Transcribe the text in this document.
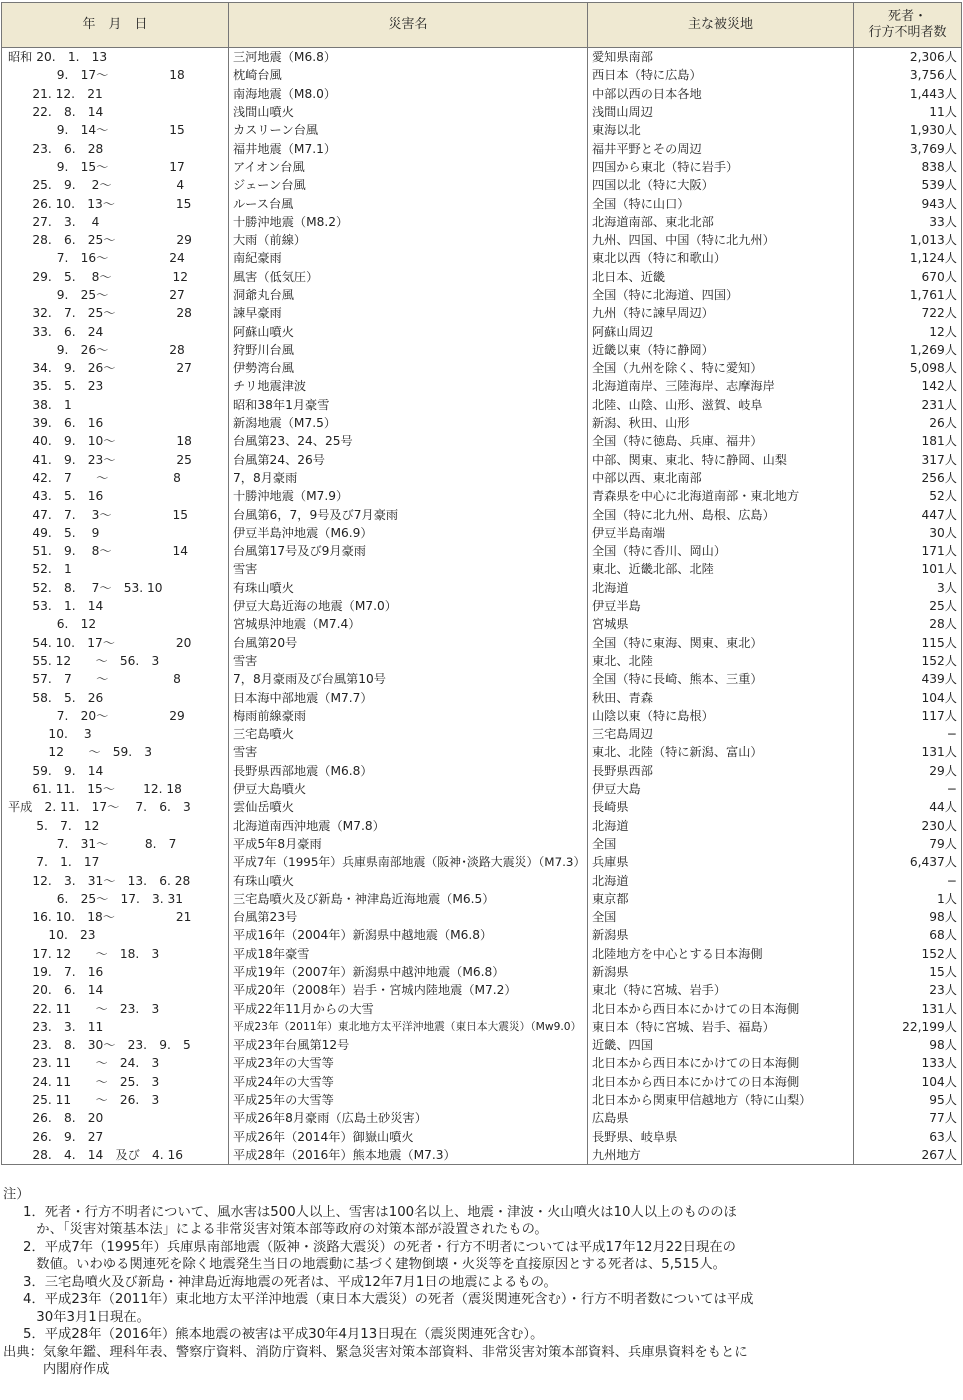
年　月　日	災害名	主な被災地	死者・
行方不明者数

昭和 20.　1.　13	三河地震（M6.8）	愛知県南部	2,306人
　　　　9.　17〜　　　　　18	枕崎台風	西日本（特に広島）	3,756人
　　21. 12.　21	南海地震（M8.0）	中部以西の日本各地	1,443人
　　22.　8.　14	浅間山噴火	浅間山周辺	11人
　　　　9.　14〜　　　　　15	カスリーン台風	東海以北	1,930人
　　23.　6.　28	福井地震（M7.1）	福井平野とその周辺	3,769人
　　　　9.　15〜　　　　　17	アイオン台風	四国から東北（特に岩手）	838人
　　25.　9.　 2〜　　　　　 4	ジェーン台風	四国以北（特に大阪）	539人
　　26. 10.　13〜　　　　　15	ルース台風	全国（特に山口）	943人
　　27.　3.　 4	十勝沖地震（M8.2）	北海道南部、東北北部	33人
　　28.　6.　25〜　　　　　29	大雨（前線）	九州、四国、中国（特に北九州）	1,013人
　　　　7.　16〜　　　　　24	南紀豪雨	東北以西（特に和歌山）	1,124人
　　29.　5.　 8〜　　　　　12	風害（低気圧）	北日本、近畿	670人
　　　　9.　25〜　　　　　27	洞爺丸台風	全国（特に北海道、四国）	1,761人
　　32.　7.　25〜　　　　　28	諫早豪雨	九州（特に諫早周辺）	722人
　　33.　6.　24	阿蘇山噴火	阿蘇山周辺	12人
　　　　9.　26〜　　　　　28	狩野川台風	近畿以東（特に静岡）	1,269人
　　34.　9.　26〜　　　　　27	伊勢湾台風	全国（九州を除く、特に愛知）	5,098人
　　35.　5.　23	チリ地震津波	北海道南岸、三陸海岸、志摩海岸	142人
　　38.　1	昭和38年1月豪雪	北陸、山陰、山形、滋賀、岐阜	231人
　　39.　6.　16	新潟地震（M7.5）	新潟、秋田、山形	26人
　　40.　9.　10〜　　　　　18	台風第23、24、25号	全国（特に徳島、兵庫、福井）	181人
　　41.　9.　23〜　　　　　25	台風第24、26号	中部、関東、東北、特に静岡、山梨	317人
　　42.　7　　〜　　　　　 8	7，8月豪雨	中部以西、東北南部	256人
　　43.　5.　16	十勝沖地震（M7.9）	青森県を中心に北海道南部・東北地方	52人
　　47.　7.　 3〜　　　　　15	台風第6，7，9号及び7月豪雨	全国（特に北九州、島根、広島）	447人
　　49.　5.　 9	伊豆半島沖地震（M6.9）	伊豆半島南端	30人
　　51.　9.　 8〜　　　　　14	台風第17号及び9月豪雨	全国（特に香川、岡山）	171人
　　52.　1	雪害	東北、近畿北部、北陸	101人
　　52.　8.　 7〜　53. 10	有珠山噴火	北海道	3人
　　53.　1.　14	伊豆大島近海の地震（M7.0）	伊豆半島	25人
　　　　6.　12	宮城県沖地震（M7.4）	宮城県	28人
　　54. 10.　17〜　　　　　20	台風第20号	全国（特に東海、関東、東北）	115人
　　55. 12　　〜　56.　3	雪害	東北、北陸	152人
　　57.　7　　〜　　　　　 8	7，8月豪雨及び台風第10号	全国（特に長崎、熊本、三重）	439人
　　58.　5.　26	日本海中部地震（M7.7）	秋田、青森	104人
　　　　7.　20〜　　　　　29	梅雨前線豪雨	山陰以東（特に島根）	117人
　　　 10.　 3	三宅島噴火	三宅島周辺	−
　　　 12　　〜　59.　3	雪害	東北、北陸（特に新潟、富山）	131人
　　59.　9.　14	長野県西部地震（M6.8）	長野県西部	29人
　　61. 11.　15〜　　 12. 18	伊豆大島噴火	伊豆大島	−
平成　2. 11.　17〜　 7.　6.　3	雲仙岳噴火	長崎県	44人
　　 5.　7.　12	北海道南西沖地震（M7.8）	北海道	230人
　　　　7.　31〜　　　8.　7	平成5年8月豪雨	全国	79人
　　 7.　1.　17	平成7年（1995年）兵庫県南部地震（阪神･淡路大震災）（M7.3）	兵庫県	6,437人
　　12.　3.　31〜　13.　6. 28	有珠山噴火	北海道	−
　　　　6.　25〜　17.　3. 31	三宅島噴火及び新島・神津島近海地震（M6.5）	東京都	1人
　　16. 10.　18〜　　　　　21	台風第23号	全国	98人
　　　 10.　23	平成16年（2004年）新潟県中越地震（M6.8）	新潟県	68人
　　17. 12　　〜　18.　3	平成18年豪雪	北陸地方を中心とする日本海側	152人
　　19.　7.　16	平成19年（2007年）新潟県中越沖地震（M6.8）	新潟県	15人
　　20.　6.　14	平成20年（2008年）岩手・宮城内陸地震（M7.2）	東北（特に宮城、岩手）	23人
　　22. 11　　〜　23.　3	平成22年11月からの大雪	北日本から西日本にかけての日本海側	131人
　　23.　3.　11	平成23年（2011年）東北地方太平洋沖地震（東日本大震災）（Mw9.0）	東日本（特に宮城、岩手、福島）	22,199人
　　23.　8.　30〜　23.　9.　5	平成23年台風第12号	近畿、四国	98人
　　23. 11　　〜　24.　3	平成23年の大雪等	北日本から西日本にかけての日本海側	133人
　　24. 11　　〜　25.　3	平成24年の大雪等	北日本から西日本にかけての日本海側	104人
　　25. 11　　〜　26.　3	平成25年の大雪等	北日本から関東甲信越地方（特に山梨）	95人
　　26.　8.　20	平成26年8月豪雨（広島土砂災害）	広島県	77人
　　26.　9.　27	平成26年（2014年）御嶽山噴火	長野県、岐阜県	63人
　　28.　4.　14　及び　4. 16	平成28年（2016年）熊本地震（M7.3）	九州地方	267人
注）
1．死者・行方不明者について、風水害は500人以上、雪害は100名以上、地震・津波・火山噴火は10人以上のもののほ
　か、「災害対策基本法」による非常災害対策本部等政府の対策本部が設置されたもの。
2．平成7年（1995年）兵庫県南部地震（阪神・淡路大震災）の死者・行方不明者については平成17年12月22日現在の
　数値。いわゆる関連死を除く地震発生当日の地震動に基づく建物倒壊・火災等を直接原因とする死者は、5,515人。
3．三宅島噴火及び新島・神津島近海地震の死者は、平成12年7月1日の地震によるもの。
4．平成23年（2011年）東北地方太平洋沖地震（東日本大震災）の死者（震災関連死含む）・行方不明者数については平成
　30年3月1日現在。
5．平成28年（2016年）熊本地震の被害は平成30年4月13日現在（震災関連死含む）。
出典：気象年鑑、理科年表、警察庁資料、消防庁資料、緊急災害対策本部資料、非常災害対策本部資料、兵庫県資料をもとに
　　　内閣府作成
